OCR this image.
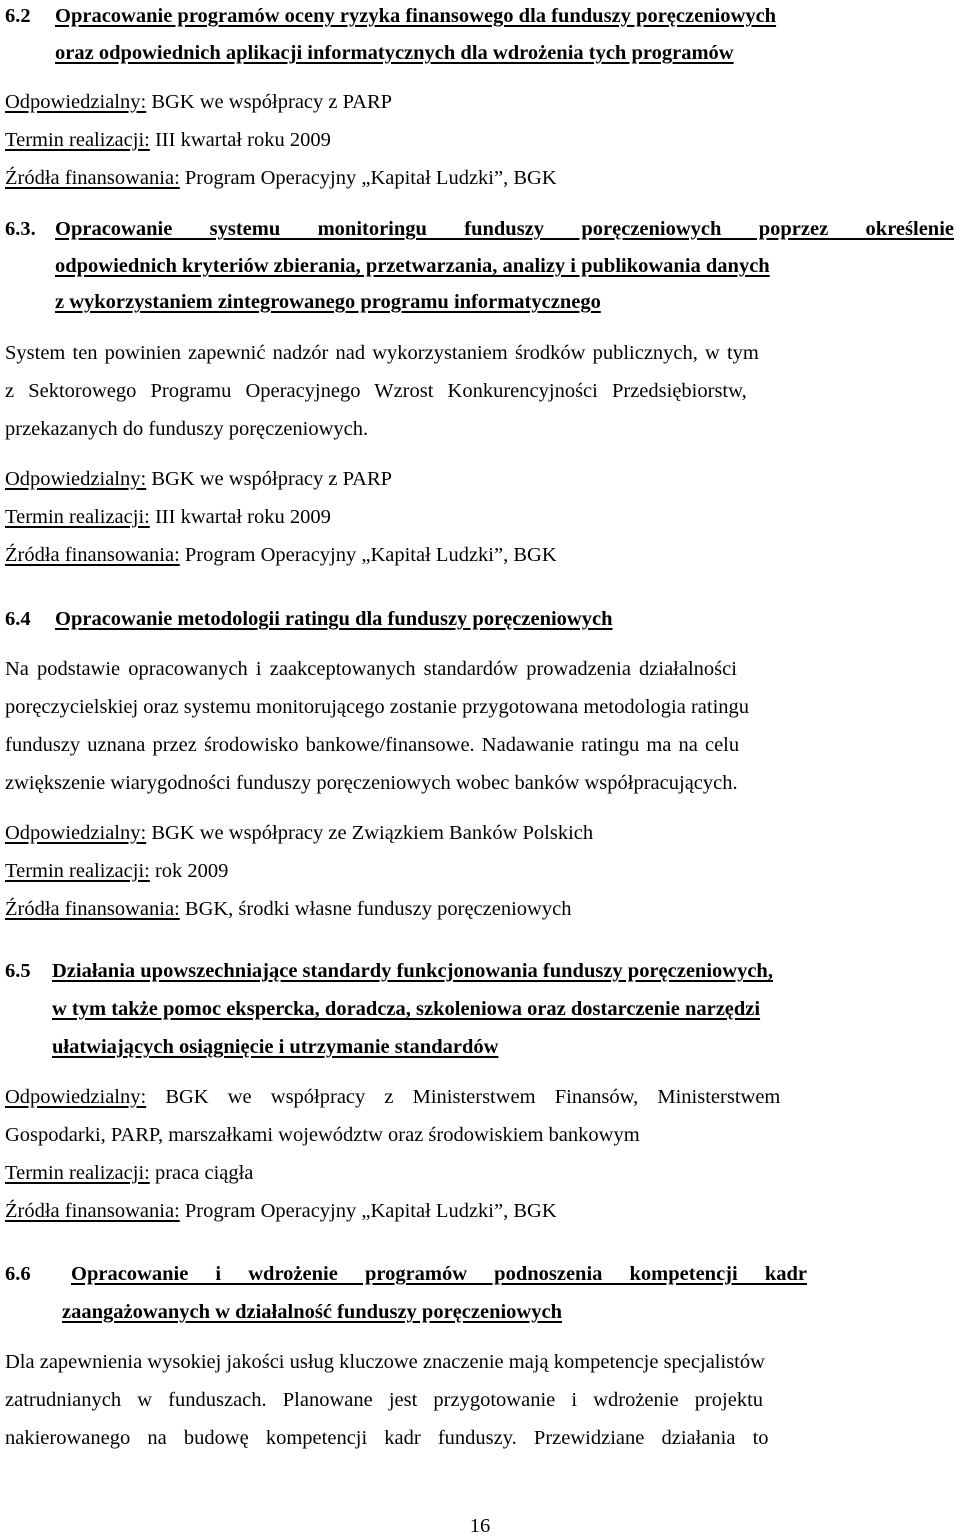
6.2 Opracowanie programów oceny ryzyka finansowego dla funduszy poręczeniowych
oraz odpowiednich aplikacji informatycznych dla wdrożenia tych programów
Odpowiedzialny: BGK we współpracy z PARP
Termin realizacji: III kwartał roku 2009
Źródła finansowania: Program Operacyjny „Kapitał Ludzki”, BGK
6.3. Opracowanie systemu monitoringu funduszy poręczeniowych poprzez określenie
odpowiednich kryteriów zbierania, przetwarzania, analizy i publikowania danych
z wykorzystaniem zintegrowanego programu informatycznego
System ten powinien zapewnić nadzór nad wykorzystaniem środków publicznych, w tym
z Sektorowego Programu Operacyjnego Wzrost Konkurencyjności Przedsiębiorstw,
przekazanych do funduszy poręczeniowych.
Odpowiedzialny: BGK we współpracy z PARP
Termin realizacji: III kwartał roku 2009
Źródła finansowania: Program Operacyjny „Kapitał Ludzki”, BGK
6.4 Opracowanie metodologii ratingu dla funduszy poręczeniowych
Na podstawie opracowanych i zaakceptowanych standardów prowadzenia działalności
poręczycielskiej oraz systemu monitorującego zostanie przygotowana metodologia ratingu
funduszy uznana przez środowisko bankowe/finansowe. Nadawanie ratingu ma na celu
zwiększenie wiarygodności funduszy poręczeniowych wobec banków współpracujących.
Odpowiedzialny: BGK we współpracy ze Związkiem Banków Polskich
Termin realizacji: rok 2009
Źródła finansowania: BGK, środki własne funduszy poręczeniowych
6.5 Działania upowszechniające standardy funkcjonowania funduszy poręczeniowych,
w tym także pomoc ekspercka, doradcza, szkoleniowa oraz dostarczenie narzędzi
ułatwiających osiągnięcie i utrzymanie standardów
Odpowiedzialny: BGK we współpracy z Ministerstwem Finansów, Ministerstwem
Gospodarki, PARP, marszałkami województw oraz środowiskiem bankowym
Termin realizacji: praca ciągła
Źródła finansowania: Program Operacyjny „Kapitał Ludzki”, BGK
6.6 Opracowanie i wdrożenie programów podnoszenia kompetencji kadr
zaangażowanych w działalność funduszy poręczeniowych
Dla zapewnienia wysokiej jakości usług kluczowe znaczenie mają kompetencje specjalistów
zatrudnianych w funduszach. Planowane jest przygotowanie i wdrożenie projektu
nakierowanego na budowę kompetencji kadr funduszy. Przewidziane działania to
16
